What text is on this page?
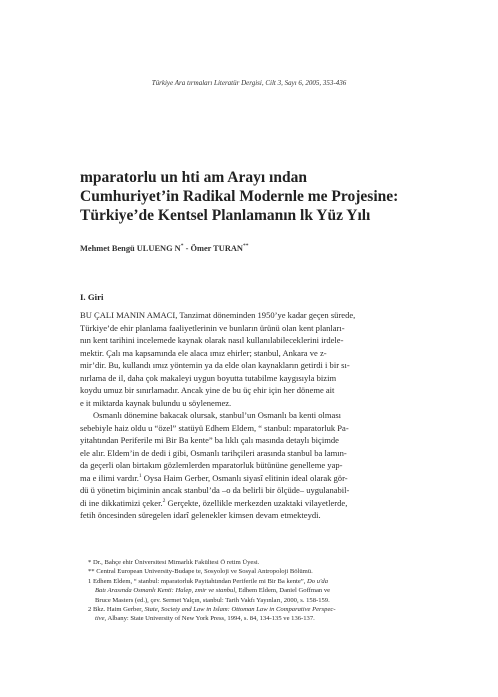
Türkiye Ara tırmaları Literatür Dergisi, Cilt 3, Sayı 6, 2005, 353-436
mparatorlu un hti am Arayı ından
Cumhuriyet’in Radikal Modernle me Projesine:
Türkiye’de Kentsel Planlamanın lk Yüz Yılı
Mehmet Bengü ULUENG N* - Ömer TURAN**
I. Giri
BU ÇALI MANIN AMACI, Tanzimat döneminden 1950’ye kadar geçen sürede,
Türkiye’de ehir planlama faaliyetlerinin ve bunların ürünü olan kent planları-
nın kent tarihini incelemede kaynak olarak nasıl kullanılabileceklerini irdele-
mektir. Çalı ma kapsamında ele alaca ımız ehirler; stanbul, Ankara ve z-
mir’dir. Bu, kullandı ımız yöntemin ya da elde olan kaynakların getirdi i bir sı-
nırlama de il, daha çok makaleyi uygun boyutta tutabilme kaygısıyla bizim
koydu umuz bir sınırlamadır. Ancak yine de bu üç ehir için her döneme ait
e it miktarda kaynak bulundu u söylenemez.
Osmanlı dönemine bakacak olursak, stanbul’un Osmanlı ba kenti olması
sebebiyle haiz oldu u “özel” statüyü Edhem Eldem, “ stanbul: mparatorluk Pa-
yitahtından Periferile mi Bir Ba kente” ba lıklı çalı masında detaylı biçimde
ele alır. Eldem’in de dedi i gibi, Osmanlı tarihçileri arasında stanbul ba lamın-
da geçerli olan birtakım gözlemlerden mparatorluk bütününe genelleme yap-
ma e ilimi vardır.$^1$ Oysa Haim Gerber, Osmanlı siyasî elitinin ideal olarak gör-
dü ü yönetim biçiminin ancak stanbul’da –o da belirli bir ölçüde– uygulanabil-
di ine dikkatimizi çeker.$^2$ Gerçekte, özellikle merkezden uzaktaki vilayetlerde,
fetih öncesinden süregelen idarî gelenekler kimsen devam etmekteydi.
* Dr., Bahçe ehir Üniversitesi Mimarlık Fakültesi Ö retim Üyesi.
** Central European University-Budape te, Sosyoloji ve Sosyal Antropoloji Bölümü.
1 Edhem Eldem, “ stanbul: mparatorluk Payitahtından Periferile mi Bir Ba kente”, Do u'da
Batı Arasında Osmanlı Kenti: Halep, zmir ve stanbul, Edhem Eldem, Daniel Goffman ve
Bruce Masters (ed.), çev. Sermet Yalçın, stanbul: Tarih Vakfı Yayınları, 2000, s. 158-159.
2 Bkz. Haim Gerber, State, Society and Law in Islam: Ottoman Law in Comparative Perspec-
tive, Albany: State University of New York Press, 1994, s. 84, 134-135 ve 136-137.
